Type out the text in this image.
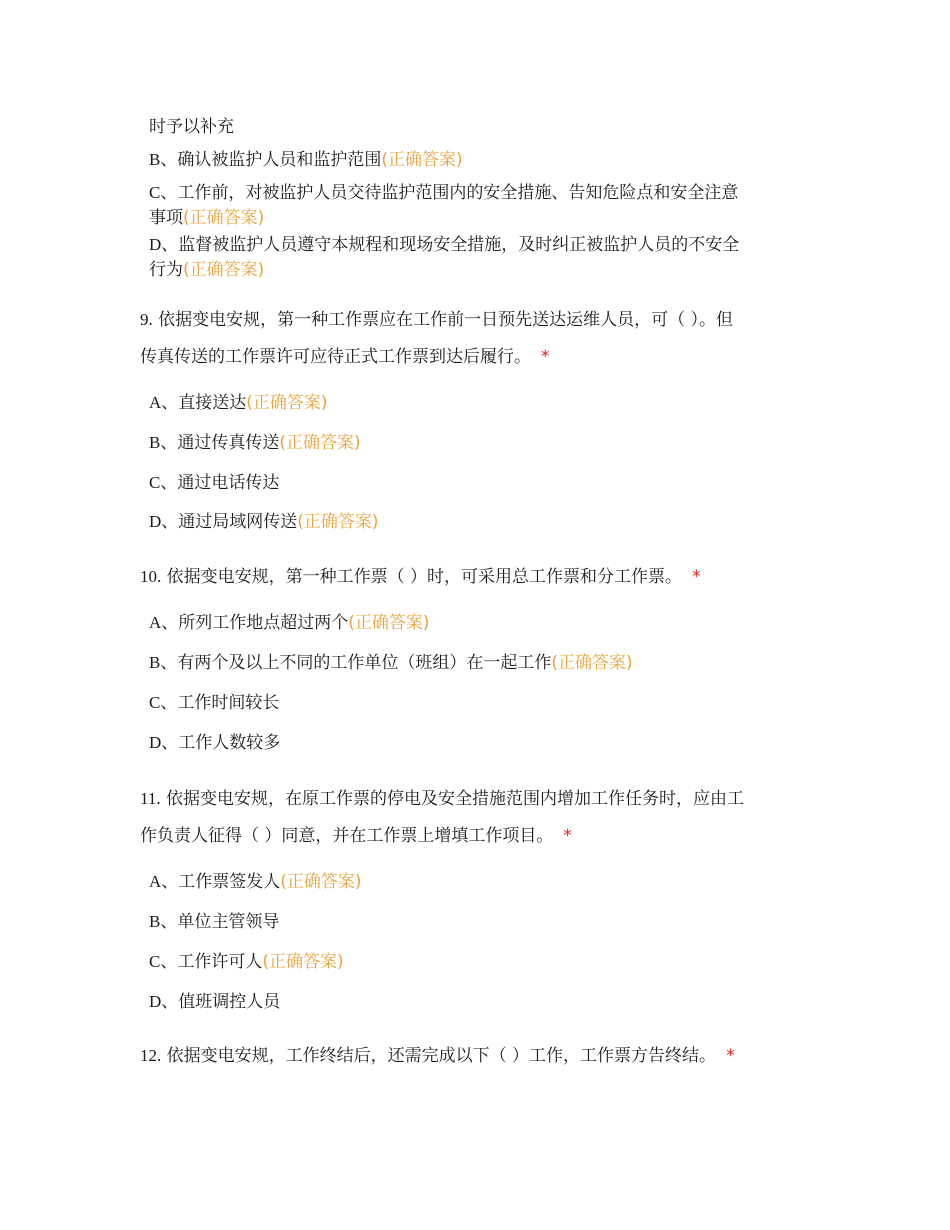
时予以补充
B、确认被监护人员和监护范围(正确答案)
C、工作前，对被监护人员交待监护范围内的安全措施、告知危险点和安全注意
事项(正确答案)
D、监督被监护人员遵守本规程和现场安全措施，及时纠正被监护人员的不安全
行为(正确答案)
9. 依据变电安规，第一种工作票应在工作前一日预先送达运维人员，可（ ）。但
传真传送的工作票许可应待正式工作票到达后履行。 *
A、直接送达(正确答案)
B、通过传真传送(正确答案)
C、通过电话传达
D、通过局域网传送(正确答案)
10. 依据变电安规，第一种工作票（ ）时，可采用总工作票和分工作票。 *
A、所列工作地点超过两个(正确答案)
B、有两个及以上不同的工作单位（班组）在一起工作(正确答案)
C、工作时间较长
D、工作人数较多
11. 依据变电安规，在原工作票的停电及安全措施范围内增加工作任务时，应由工
作负责人征得（ ）同意，并在工作票上增填工作项目。 *
A、工作票签发人(正确答案)
B、单位主管领导
C、工作许可人(正确答案)
D、值班调控人员
12. 依据变电安规，工作终结后，还需完成以下（ ）工作，工作票方告终结。 *
